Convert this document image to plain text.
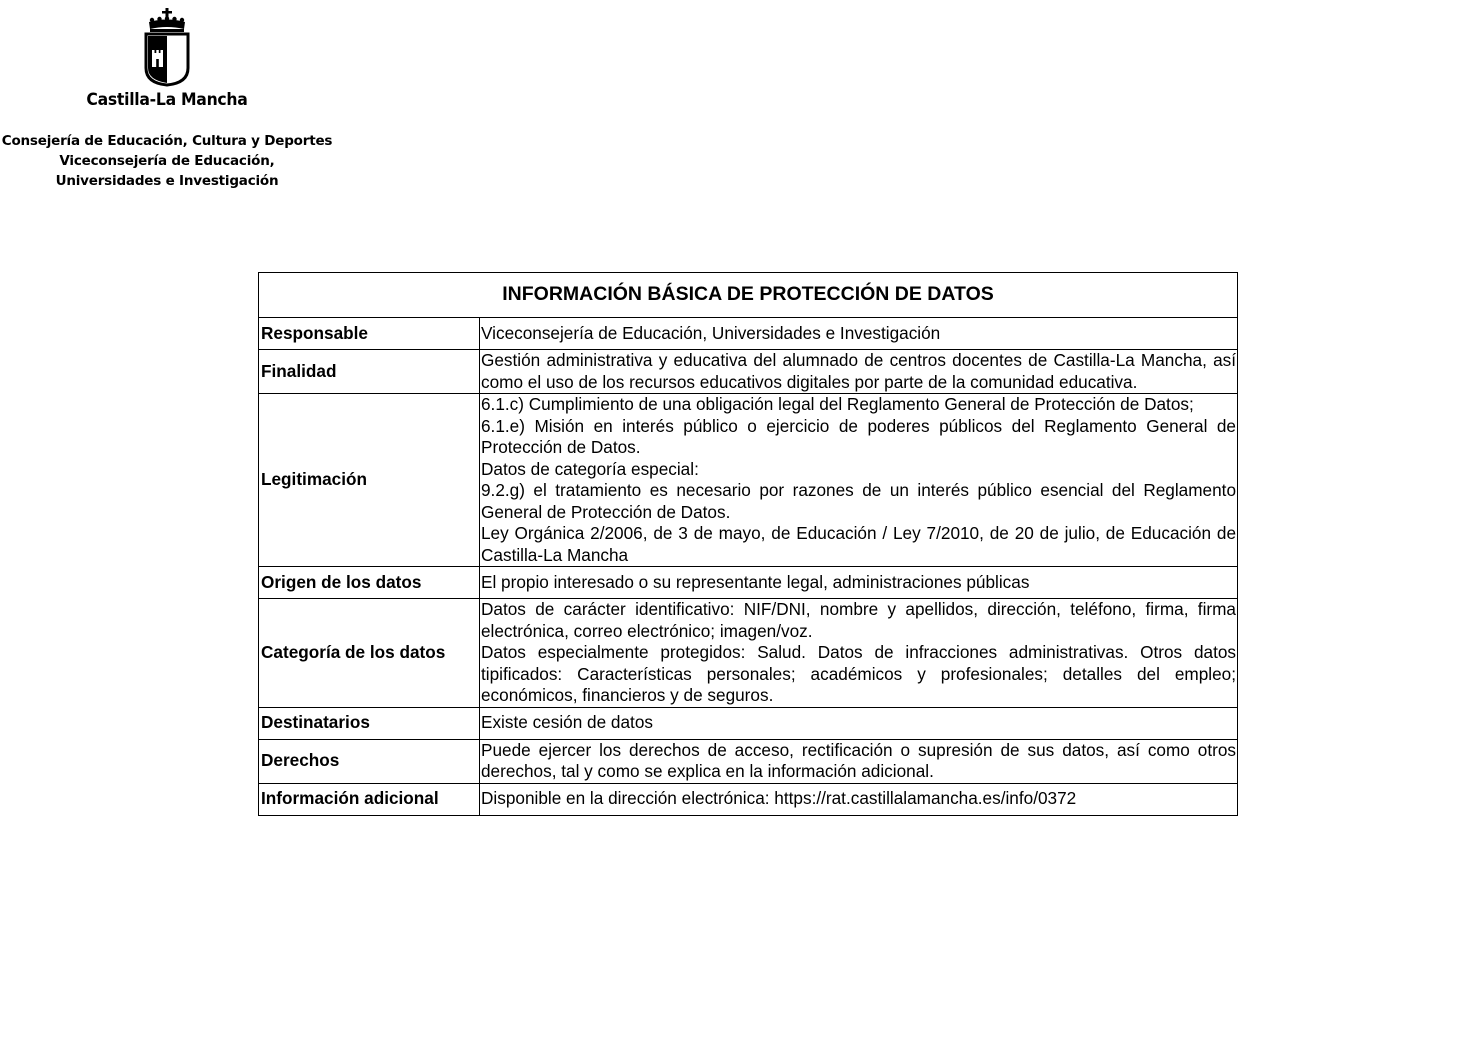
Castilla-La Mancha
Consejería de Educación, Cultura y Deportes
Viceconsejería de Educación,
Universidades e Investigación
INFORMACIÓN BÁSICA DE PROTECCIÓN DE DATOS	
Responsable	Viceconsejería de Educación, Universidades e Investigación

Finalidad	Gestión administrativa y educativa del alumnado de centros docentes de Castilla-La Mancha, así como el uso de los recursos educativos digitales por parte de la comunidad educativa.

Legitimación	6.1.c) Cumplimiento de una obligación legal del Reglamento General de Protección de Datos;
6.1.e) Misión en interés público o ejercicio de poderes públicos del Reglamento General de Protección de Datos.
Datos de categoría especial:
9.2.g) el tratamiento es necesario por razones de un interés público esencial del Reglamento General de Protección de Datos.
Ley Orgánica 2/2006, de 3 de mayo, de Educación / Ley 7/2010, de 20 de julio, de Educación de Castilla-La Mancha

Origen de los datos	El propio interesado o su representante legal, administraciones públicas

Categoría de los datos	Datos de carácter identificativo: NIF/DNI, nombre y apellidos, dirección, teléfono, firma, firma electrónica, correo electrónico; imagen/voz.
Datos especialmente protegidos: Salud. Datos de infracciones administrativas. Otros datos tipificados: Características personales; académicos y profesionales; detalles del empleo; económicos, financieros y de seguros.

Destinatarios	Existe cesión de datos

Derechos	Puede ejercer los derechos de acceso, rectificación o supresión de sus datos, así como otros derechos, tal y como se explica en la información adicional.

Información adicional	Disponible en la dirección electrónica: https://rat.castillalamancha.es/info/0372
